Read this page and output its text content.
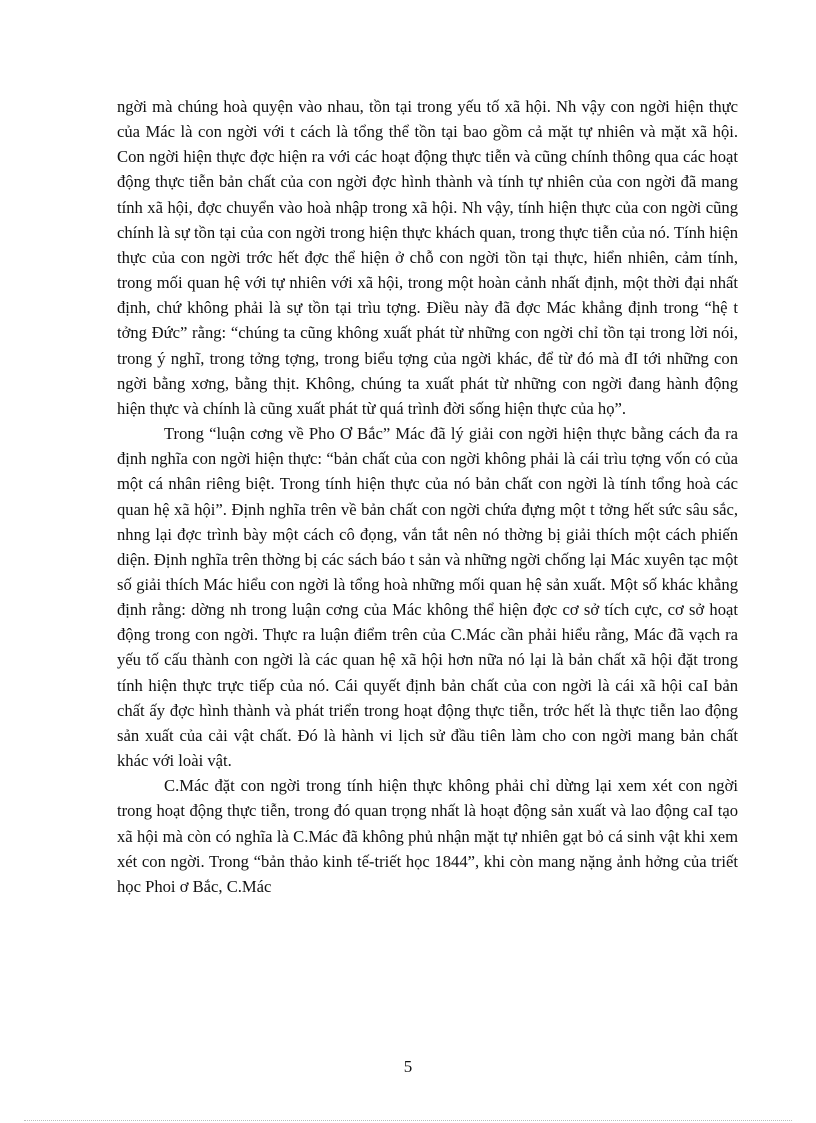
ngời mà chúng hoà quyện vào nhau, tồn tại trong yếu tố xã hội. Nh vậy con ngời hiện thực của Mác là con ngời với t cách là tổng thể tồn tại bao gồm cả mặt tự nhiên và mặt xã hội. Con ngời hiện thực đợc hiện ra với các hoạt động thực tiễn và cũng chính thông qua các hoạt động thực tiễn bản chất của con ngời đợc hình thành và tính tự nhiên của con ngời đã mang tính xã hội, đợc chuyển vào hoà nhập trong xã hội. Nh vậy, tính hiện thực của con ngời cũng chính là sự tồn tại của con ngời trong hiện thực khách quan, trong thực tiễn của nó. Tính hiện thực của con ngời trớc hết đợc thể hiện ở chỗ con ngời tồn tại thực, hiển nhiên, cảm tính, trong mối quan hệ với tự nhiên với xã hội, trong một hoàn cảnh nhất định, một thời đại nhất định, chứ không phải là sự tồn tại trìu tợng. Điều này đã đợc Mác khẳng định trong “hệ t tởng Đức” rằng: “chúng ta cũng không xuất phát từ những con ngời chỉ tồn tại trong lời nói, trong ý nghĩ, trong tởng tợng, trong biểu tợng của ngời khác, để từ đó mà đI tới những con ngời bằng xơng, bằng thịt. Không, chúng ta xuất phát từ những con ngời đang hành động hiện thực và chính là cũng xuất phát từ quá trình đời sống hiện thực của họ”.

Trong “luận cơng về Pho Ơ Bắc” Mác đã lý giải con ngời hiện thực bằng cách đa ra định nghĩa con ngời hiện thực: “bản chất của con ngời không phải là cái trìu tợng vốn có của một cá nhân riêng biệt. Trong tính hiện thực của nó bản chất con ngời là tính tổng hoà các quan hệ xã hội”. Định nghĩa trên về bản chất con ngời chứa đựng một t tởng hết sức sâu sắc, nhng lại đợc trình bày một cách cô đọng, vắn tắt nên nó thờng bị giải thích một cách phiến diện. Định nghĩa trên thờng bị các sách báo t sản và những ngời chống lại Mác xuyên tạc một số giải thích Mác hiểu con ngời là tổng hoà những mối quan hệ sản xuất. Một số khác khẳng định rằng: dờng nh trong luận cơng của Mác không thể hiện đợc cơ sở tích cực, cơ sở hoạt động trong con ngời. Thực ra luận điểm trên của C.Mác cần phải hiểu rằng, Mác đã vạch ra yếu tố cấu thành con ngời là các quan hệ xã hội hơn nữa nó lại là bản chất xã hội đặt trong tính hiện thực trực tiếp của nó. Cái quyết định bản chất của con ngời là cái xã hội caI bản chất ấy đợc hình thành và phát triển trong hoạt động thực tiễn, trớc hết là thực tiễn lao động sản xuất của cải vật chất. Đó là hành vi lịch sử đầu tiên làm cho con ngời mang bản chất khác với loài vật.

C.Mác đặt con ngời trong tính hiện thực không phải chỉ dừng lại xem xét con ngời trong hoạt động thực tiễn, trong đó quan trọng nhất là hoạt động sản xuất và lao động caI tạo xã hội mà còn có nghĩa là C.Mác đã không phủ nhận mặt tự nhiên gạt bỏ cá sinh vật khi xem xét con ngời. Trong “bản thảo kinh tế-triết học 1844”, khi còn mang nặng ảnh hởng của triết học Phoi ơ Bắc, C.Mác

5
